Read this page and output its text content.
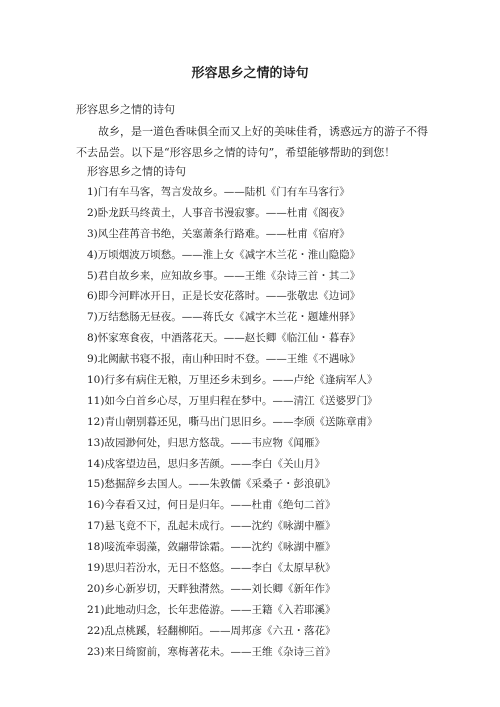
形容思乡之情的诗句
形容思乡之情的诗句
故乡，是一道色香味俱全而又上好的美味佳肴，诱惑远方的游子不得不去品尝。以下是“形容思乡之情的诗句”，希望能够帮助的到您！
形容思乡之情的诗句
1)门有车马客，驾言发故乡。——陆机《门有车马客行》
2)卧龙跃马终黄土，人事音书漫寂寥。——杜甫《阁夜》
3)风尘荏苒音书绝，关塞萧条行路难。——杜甫《宿府》
4)万顷烟波万顷愁。——淮上女《减字木兰花・淮山隐隐》
5)君自故乡来，应知故乡事。——王维《杂诗三首・其二》
6)即今河畔冰开日，正是长安花落时。——张敬忠《边词》
7)万结愁肠无昼夜。——蒋氏女《减字木兰花・题雄州驿》
8)怀家寒食夜，中酒落花天。——赵长卿《临江仙・暮春》
9)北阙献书寝不报，南山种田时不登。——王维《不遇咏》
10)行多有病住无粮，万里还乡未到乡。——卢纶《逢病军人》
11)如今白首乡心尽，万里归程在梦中。——清江《送婆罗门》
12)青山朝别暮还见，嘶马出门思旧乡。——李颀《送陈章甫》
13)故园渺何处，归思方悠哉。——韦应物《闻雁》
14)戍客望边邑，思归多苦颜。——李白《关山月》
15)愁掘辞乡去国人。——朱敦儒《采桑子・彭浪矶》
16)今春看又过，何日是归年。——杜甫《绝句二首》
17)悬飞竟不下，乱起未成行。——沈约《咏湖中雁》
18)唼流牵弱藻，敛翮带馀霜。——沈约《咏湖中雁》
19)思归若汾水，无日不悠悠。——李白《太原早秋》
20)乡心新岁切，天畔独潸然。——刘长卿《新年作》
21)此地动归念，长年悲倦游。——王籍《入若耶溪》
22)乱点桃蹊，轻翻柳陌。——周邦彦《六丑・落花》
23)来日绮窗前，寒梅著花未。——王维《杂诗三首》
